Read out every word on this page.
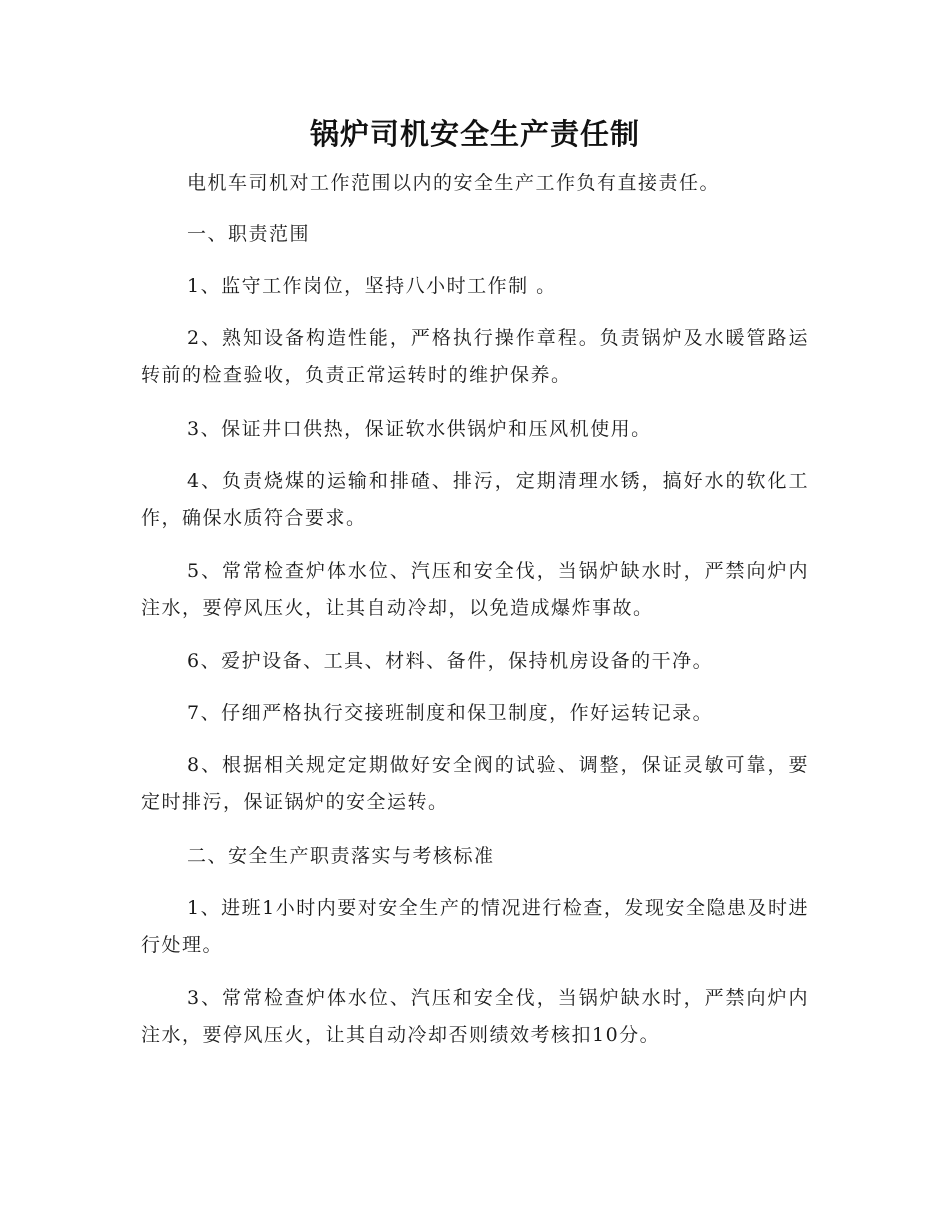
锅炉司机安全生产责任制

电机车司机对工作范围以内的安全生产工作负有直接责任。

一、职责范围

1、监守工作岗位，坚持八小时工作制 。

2、熟知设备构造性能，严格执行操作章程。负责锅炉及水暖管路运转前的检查验收，负责正常运转时的维护保养。

3、保证井口供热，保证软水供锅炉和压风机使用。

4、负责烧煤的运输和排碴、排污，定期清理水锈，搞好水的软化工作，确保水质符合要求。

5、常常检查炉体水位、汽压和安全伐，当锅炉缺水时，严禁向炉内注水，要停风压火，让其自动冷却，以免造成爆炸事故。

6、爱护设备、工具、材料、备件，保持机房设备的干净。

7、仔细严格执行交接班制度和保卫制度，作好运转记录。

8、根据相关规定定期做好安全阀的试验、调整，保证灵敏可靠，要定时排污，保证锅炉的安全运转。

二、安全生产职责落实与考核标准

1、进班1小时内要对安全生产的情况进行检查，发现安全隐患及时进行处理。

3、常常检查炉体水位、汽压和安全伐，当锅炉缺水时，严禁向炉内注水，要停风压火，让其自动冷却否则绩效考核扣10分。
